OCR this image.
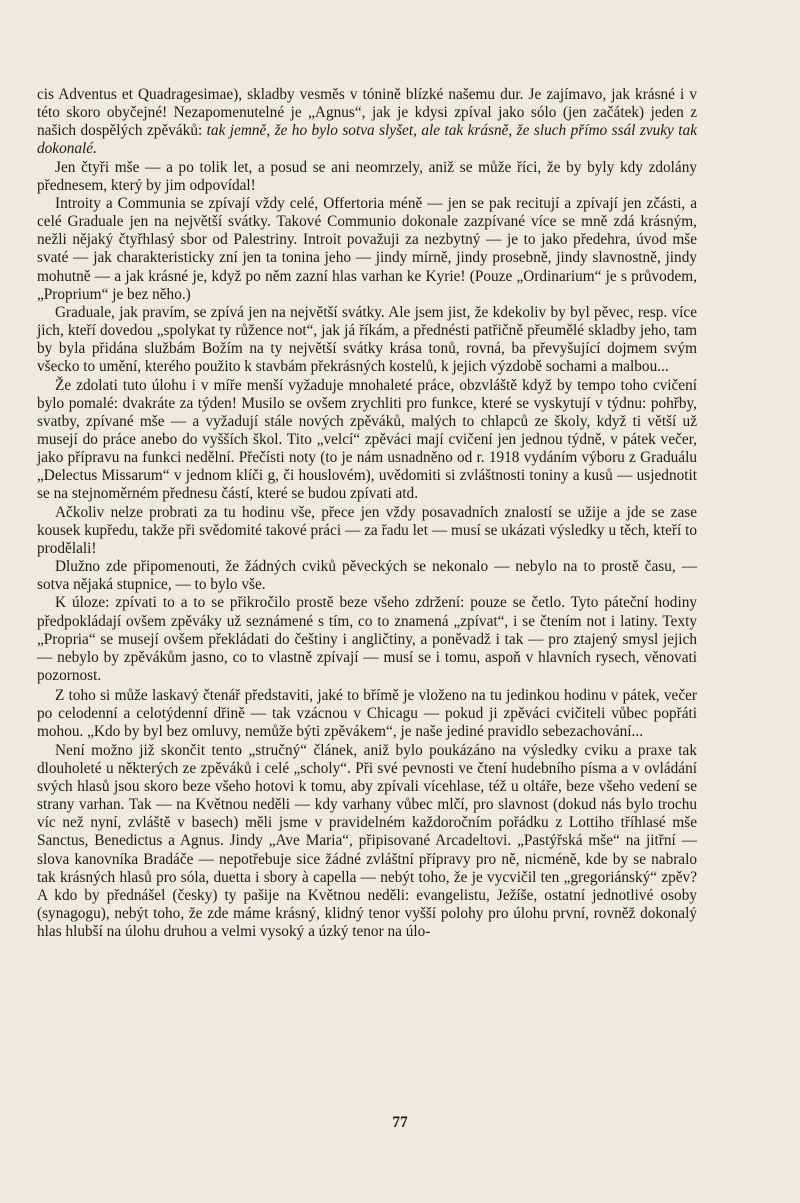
cis Adventus et Quadragesimae), skladby vesměs v tónině blízké našemu dur. Je zajímavo, jak krásné i v této skoro obyčejné! Nezapomenutelné je „Agnus“, jak je kdysi zpíval jako sólo (jen začátek) jeden z našich dospělých zpěváků: tak jemně, že ho bylo sotva slyšet, ale tak krásně, že sluch přímo ssál zvuky tak dokonalé.

Jen čtyři mše — a po tolik let, a posud se ani neomrzely, aniž se může říci, že by byly kdy zdolány přednesem, který by jim odpovídal!

Introity a Communia se zpívají vždy celé, Offertoria méně — jen se pak recitují a zpívají jen zčásti, a celé Graduale jen na největší svátky. Takové Communio dokonale zazpívané více se mně zdá krásným, nežli nějaký čtyřhlasý sbor od Palestriny. Introit považuji za nezbytný — je to jako předehra, úvod mše svaté — jak charakteristicky zní jen ta tonina jeho — jindy mírně, jindy prosebně, jindy slavnostně, jindy mohutně — a jak krásné je, když po něm zazní hlas varhan ke Kyrie! (Pouze „Ordinarium“ je s průvodem, „Proprium“ je bez něho.)

Graduale, jak pravím, se zpívá jen na největší svátky. Ale jsem jist, že kdekoliv by byl pěvec, resp. více jich, kteří dovedou „spolykat ty růžence not“, jak já říkám, a přednésti patřičně přeumělé skladby jeho, tam by byla přidána službám Božím na ty největší svátky krása tonů, rovná, ba převyšující dojmem svým všecko to umění, kterého použito k stavbám překrásných kostelů, k jejich výzdobě sochami a malbou...

Že zdolati tuto úlohu i v míře menší vyžaduje mnohaleté práce, obzvláště když by tempo toho cvičení bylo pomalé: dvakráte za týden! Musilo se ovšem zrychliti pro funkce, které se vyskytují v týdnu: pohřby, svatby, zpívané mše — a vyžadují stále nových zpěváků, malých to chlapců ze školy, když ti větší už musejí do práce anebo do vyšších škol. Tito „velcí“ zpěváci mají cvičení jen jednou týdně, v pátek večer, jako přípravu na funkci nedělní. Přečísti noty (to je nám usnadněno od r. 1918 vydáním výboru z Graduálu „Delectus Missarum“ v jednom klíči g, či houslovém), uvědomiti si zvláštnosti toniny a kusů — usjednotit se na stejnoměrném přednesu částí, které se budou zpívati atd.

Ačkoliv nelze probrati za tu hodinu vše, přece jen vždy posavadních znalostí se užije a jde se zase kousek kupředu, takže při svědomité takové práci — za řadu let — musí se ukázati výsledky u těch, kteří to prodělali!

Dlužno zde připomenouti, že žádných cviků pěveckých se nekonalo — nebylo na to prostě času, — sotva nějaká stupnice, — to bylo vše.

K úloze: zpívati to a to se přikročilo prostě beze všeho zdržení: pouze se četlo. Tyto páteční hodiny předpokládají ovšem zpěváky už seznámené s tím, co to znamená „zpívat“, i se čtením not i latiny. Texty „Propria“ se musejí ovšem překládati do češtiny i angličtiny, a poněvadž i tak — pro ztajený smysl jejich — nebylo by zpěvákům jasno, co to vlastně zpívají — musí se i tomu, aspoň v hlavních rysech, věnovati pozornost.

Z toho si může laskavý čtenář představiti, jaké to břímě je vloženo na tu jedinkou hodinu v pátek, večer po celodenní a celotýdenní dřině — tak vzácnou v Chicagu — pokud ji zpěváci cvičiteli vůbec popřáti mohou. „Kdo by byl bez omluvy, nemůže býti zpěvákem“, je naše jediné pravidlo sebezachování...

Není možno již skončit tento „stručný“ článek, aniž bylo poukázáno na výsledky cviku a praxe tak dlouholeté u některých ze zpěváků i celé „scholy“. Při své pevnosti ve čtení hudebního písma a v ovládání svých hlasů jsou skoro beze všeho hotovi k tomu, aby zpívali vícehlase, též u oltáře, beze všeho vedení se strany varhan. Tak — na Květnou neděli — kdy varhany vůbec mlčí, pro slavnost (dokud nás bylo trochu víc než nyní, zvláště v basech) měli jsme v pravidelném každoročním pořádku z Lottiho tříhlasé mše Sanctus, Benedictus a Agnus. Jindy „Ave Maria“, připisované Arcadeltovi. „Pastýřská mše“ na jitřní — slova kanovníka Bradáče — nepotřebuje sice žádné zvláštní přípravy pro ně, nicméně, kde by se nabralo tak krásných hlasů pro sóla, duetta i sbory à capella — nebýt toho, že je vycvičil ten „gregoriánský“ zpěv? A kdo by přednášel (česky) ty pašije na Květnou neděli: evangelistu, Ježíše, ostatní jednotlivé osoby (synagogu), nebýt toho, že zde máme krásný, klidný tenor vyšší polohy pro úlohu první, rovněž dokonalý hlas hlubší na úlohu druhou a velmi vysoký a úzký tenor na úlo-

77
